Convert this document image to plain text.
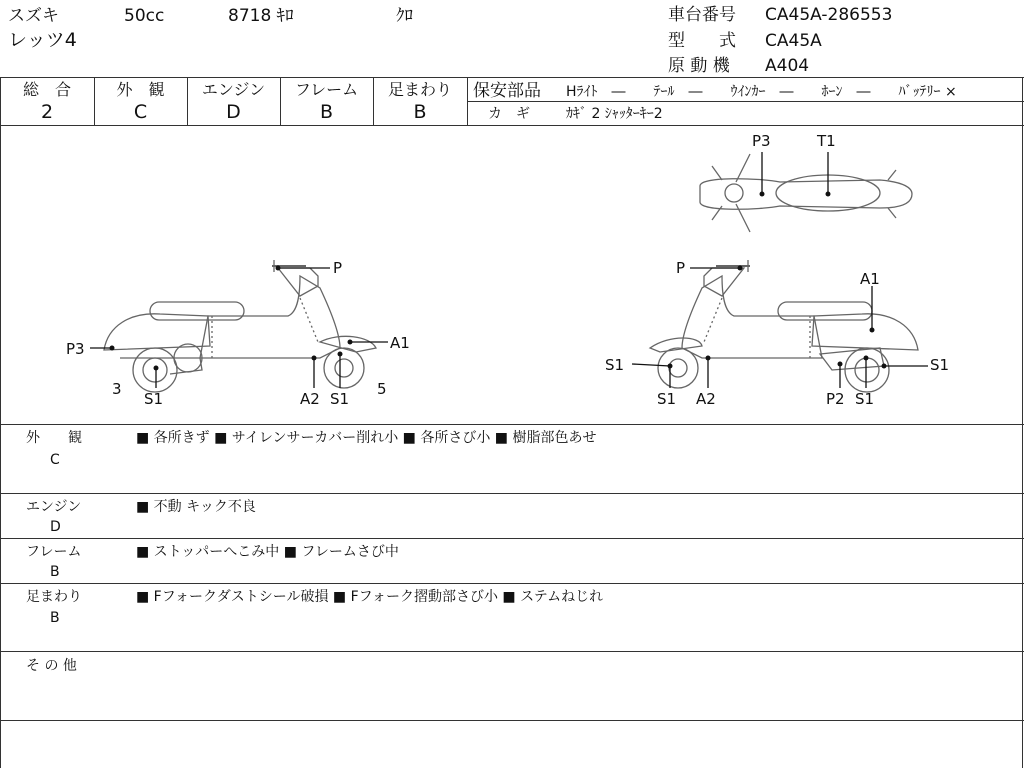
スズキ	50cc	8718 ｷﾛ	ｸﾛ
レッツ4
車台番号 CA45A-286553
型　　式 CA45A
原 動 機 A404
総　合
2
外　観
C
エンジン
D
フレーム
B
足まわり
B
保安部品 Hﾗｲﾄ　―　　ﾃｰﾙ　―　　ｳｲﾝｶｰ　―　　ﾎｰﾝ　―　　ﾊﾞｯﾃﾘｰ ×
カ　ギ	ｶｷﾞ 2 ｼｬｯﾀｰｷｰ2
P
P3	A1
3
S1	A2 S1
5
P
A1
S1
S1 A2	P2 S1
S1
P3	T1
外　　観
C
■ 各所きず ■ サイレンサーカバー削れ小 ■ 各所さび小 ■ 樹脂部色あせ
エンジン
D
■ 不動 キック不良
フレーム
B
■ ストッパーへこみ中 ■ フレームさび中
足まわり
B
■ Fフォークダストシール破損 ■ Fフォーク摺動部さび小 ■ ステムねじれ
そ の 他
